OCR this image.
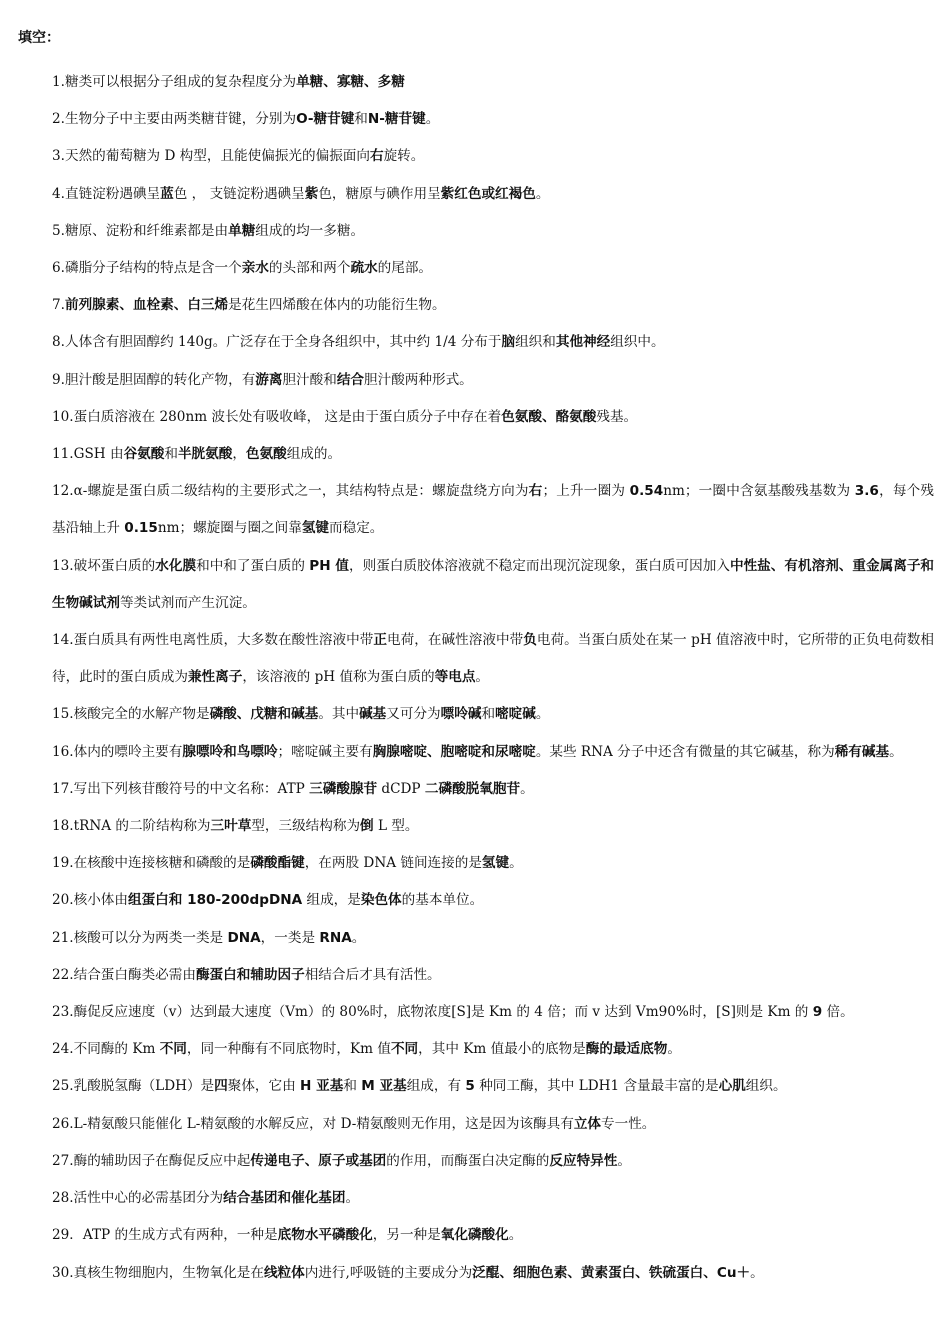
填空：

1.糖类可以根据分子组成的复杂程度分为单糖、寡糖、多糖

2.生物分子中主要由两类糖苷键，分别为O-糖苷键和N-糖苷键。

3.天然的葡萄糖为 D 构型，且能使偏振光的偏振面向右旋转。

4.直链淀粉遇碘呈蓝色 ， 支链淀粉遇碘呈紫色，糖原与碘作用呈紫红色或红褐色。

5.糖原、淀粉和纤维素都是由单糖组成的均一多糖。

6.磷脂分子结构的特点是含一个亲水的头部和两个疏水的尾部。

7.前列腺素、血栓素、白三烯是花生四烯酸在体内的功能衍生物。

8.人体含有胆固醇约 140g。广泛存在于全身各组织中，其中约 1/4 分布于脑组织和其他神经组织中。

9.胆汁酸是胆固醇的转化产物，有游离胆汁酸和结合胆汁酸两种形式。

10.蛋白质溶液在 280nm 波长处有吸收峰， 这是由于蛋白质分子中存在着色氨酸、酪氨酸残基。

11.GSH 由谷氨酸和半胱氨酸，色氨酸组成的。

12.α-螺旋是蛋白质二级结构的主要形式之一，其结构特点是：螺旋盘绕方向为右；上升一圈为 0.54nm；一圈中含氨基酸残基数为 3.6，每个残基沿轴上升 0.15nm；螺旋圈与圈之间靠氢键而稳定。

13.破坏蛋白质的水化膜和中和了蛋白质的 PH 值，则蛋白质胶体溶液就不稳定而出现沉淀现象，蛋白质可因加入中性盐、有机溶剂、重金属离子和生物碱试剂等类试剂而产生沉淀。

14.蛋白质具有两性电离性质，大多数在酸性溶液中带正电荷，在碱性溶液中带负电荷。当蛋白质处在某一 pH 值溶液中时，它所带的正负电荷数相待，此时的蛋白质成为兼性离子，该溶液的 pH 值称为蛋白质的等电点。

15.核酸完全的水解产物是磷酸、戊糖和碱基。其中碱基又可分为嘌呤碱和嘧啶碱。

16.体内的嘌呤主要有腺嘌呤和鸟嘌呤；嘧啶碱主要有胸腺嘧啶、胞嘧啶和尿嘧啶。某些 RNA 分子中还含有微量的其它碱基，称为稀有碱基。

17.写出下列核苷酸符号的中文名称：ATP 三磷酸腺苷 dCDP 二磷酸脱氧胞苷。

18.tRNA 的二阶结构称为三叶草型，三级结构称为倒 L 型。

19.在核酸中连接核糖和磷酸的是磷酸酯键，在两股 DNA 链间连接的是氢键。

20.核小体由组蛋白和 180-200dpDNA 组成，是染色体的基本单位。

21.核酸可以分为两类一类是 DNA，一类是 RNA。

22.结合蛋白酶类必需由酶蛋白和辅助因子相结合后才具有活性。

23.酶促反应速度（v）达到最大速度（Vm）的 80%时，底物浓度[S]是 Km 的 4 倍；而 v 达到 Vm90%时，[S]则是 Km 的 9 倍。

24.不同酶的 Km 不同，同一种酶有不同底物时，Km 值不同，其中 Km 值最小的底物是酶的最适底物。

25.乳酸脱氢酶（LDH）是四聚体，它由 H 亚基和 M 亚基组成，有 5 种同工酶，其中 LDH1 含量最丰富的是心肌组织。

26.L-精氨酸只能催化 L-精氨酸的水解反应，对 D-精氨酸则无作用，这是因为该酶具有立体专一性。

27.酶的辅助因子在酶促反应中起传递电子、原子或基团的作用，而酶蛋白决定酶的反应特异性。

28.活性中心的必需基团分为结合基团和催化基团。

29．ATP 的生成方式有两种，一种是底物水平磷酸化，另一种是氧化磷酸化。

30.真核生物细胞内，生物氧化是在线粒体内进行,呼吸链的主要成分为泛醌、细胞色素、黄素蛋白、铁硫蛋白、Cu＋。
